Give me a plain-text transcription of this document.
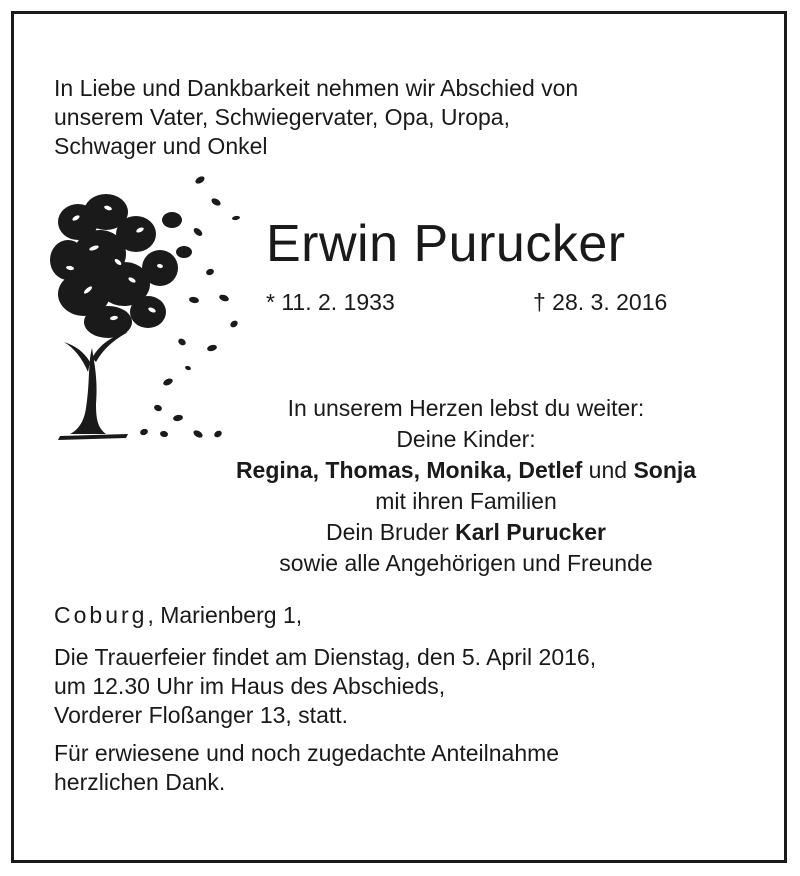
In Liebe und Dankbarkeit nehmen wir Abschied von
unserem Vater, Schwiegervater, Opa, Uropa,
Schwager und Onkel
Erwin Purucker
* 11. 2. 1933	† 28. 3. 2016
In unserem Herzen lebst du weiter:
Deine Kinder:
Regina, Thomas, Monika, Detlef und Sonja
mit ihren Familien
Dein Bruder Karl Purucker
sowie alle Angehörigen und Freunde
Coburg, Marienberg 1,
Die Trauerfeier findet am Dienstag, den 5. April 2016,
um 12.30 Uhr im Haus des Abschieds,
Vorderer Floßanger 13, statt.
Für erwiesene und noch zugedachte Anteilnahme
herzlichen Dank.
